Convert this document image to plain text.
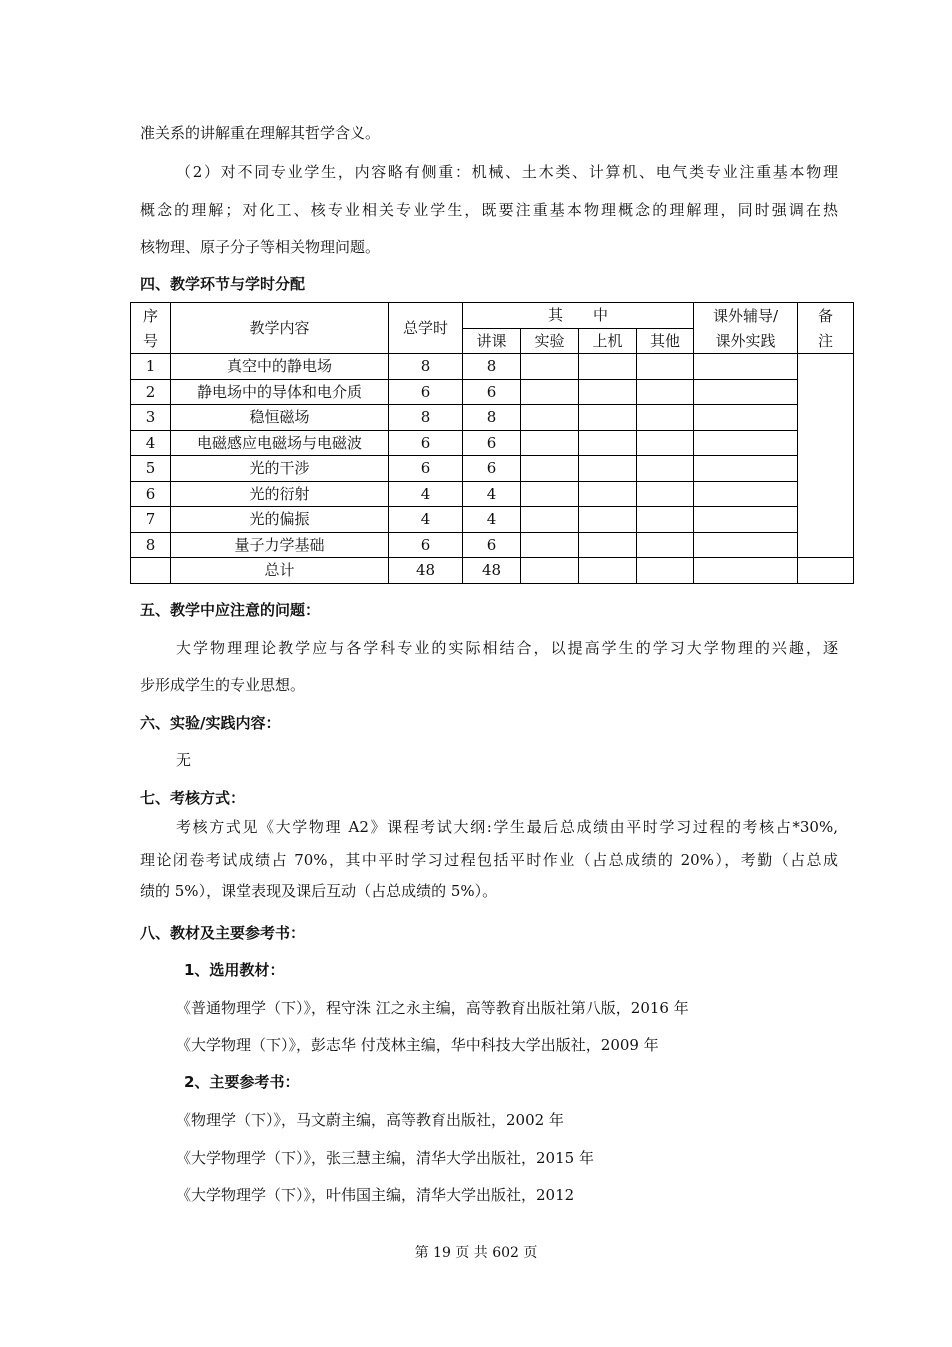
准关系的讲解重在理解其哲学含义。
（2）对不同专业学生，内容略有侧重：机械、土木类、计算机、电气类专业注重基本物理
概念的理解；对化工、核专业相关专业学生，既要注重基本物理概念的理解理，同时强调在热
核物理、原子分子等相关物理问题。
四、教学环节与学时分配
序	教学内容	总学时	其　　中				课外辅导/	备
号			讲课	实验	上机	其他	课外实践	注
1	真空中的静电场	8	8					
2	静电场中的导体和电介质	6	6					
3	稳恒磁场	8	8					
4	电磁感应电磁场与电磁波	6	6					
5	光的干涉	6	6					
6	光的衍射	4	4					
7	光的偏振	4	4					
8	量子力学基础	6	6					
	总计	48	48					
五、教学中应注意的问题：
大学物理理论教学应与各学科专业的实际相结合，以提高学生的学习大学物理的兴趣，逐
步形成学生的专业思想。
六、实验/实践内容：
无
七、考核方式：
考核方式见《大学物理 A2》课程考试大纲:学生最后总成绩由平时学习过程的考核占*30%,
理论闭卷考试成绩占 70%，其中平时学习过程包括平时作业（占总成绩的 20%），考勤（占总成
绩的 5%），课堂表现及课后互动（占总成绩的 5%）。
八、教材及主要参考书：
1、选用教材：
《普通物理学（下）》，程守洙 江之永主编，高等教育出版社第八版，2016 年
《大学物理（下）》，彭志华 付茂林主编，华中科技大学出版社，2009 年
2、主要参考书：
《物理学（下）》，马文蔚主编，高等教育出版社，2002 年
《大学物理学（下）》，张三慧主编，清华大学出版社，2015 年
《大学物理学（下）》，叶伟国主编，清华大学出版社，2012
第 19 页 共 602 页
